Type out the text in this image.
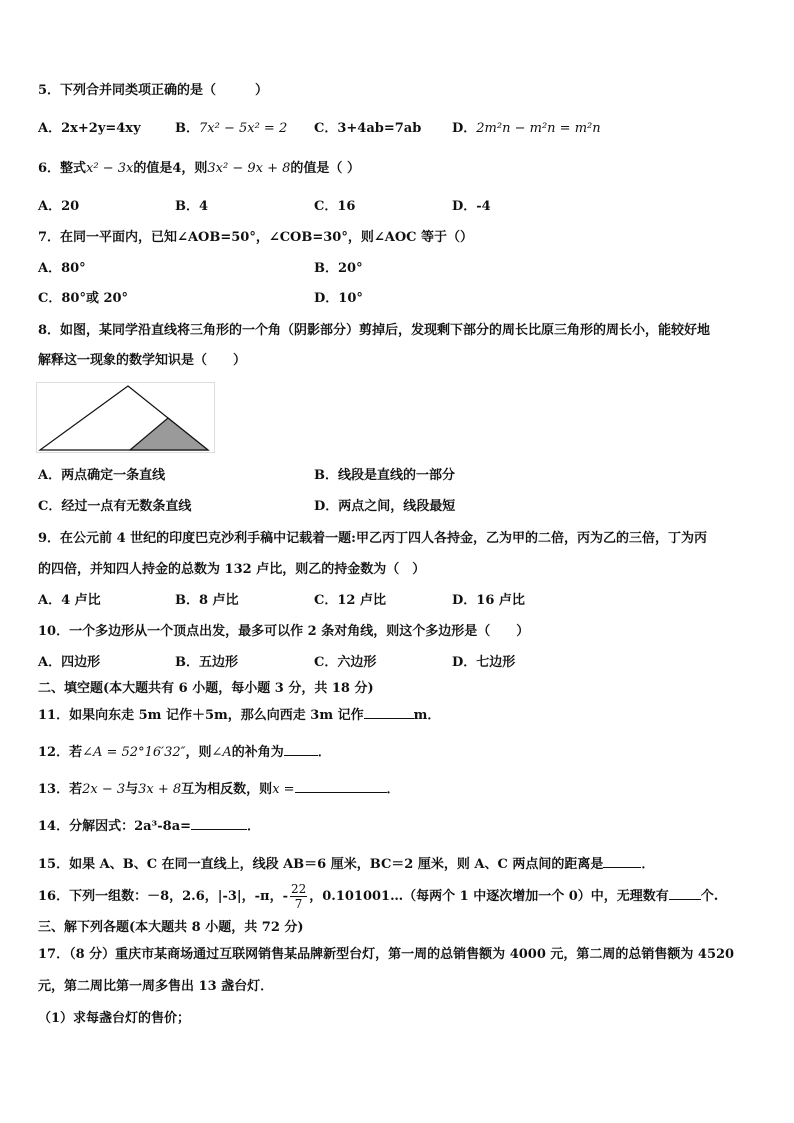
5．下列合并同类项正确的是（　　　）
A．2x+2y=4xy	B．7x² − 5x² = 2 C．3+4ab=7ab D．2m²n − m²n = m²n
6．整式x² − 3x的值是4，则3x² − 9x + 8的值是（ ）
A．20	B．4	C．16	D．-4
7．在同一平面内，已知∠AOB=50°，∠COB=30°，则∠AOC 等于（）
A．80°	B．20°
C．80°或 20°	D．10°
8．如图，某同学沿直线将三角形的一个角（阴影部分）剪掉后，发现剩下部分的周长比原三角形的周长小，能较好地
解释这一现象的数学知识是（　　）
A．两点确定一条直线	B．线段是直线的一部分
C．经过一点有无数条直线	D．两点之间，线段最短
9．在公元前 4 世纪的印度巴克沙利手稿中记载着一题:甲乙丙丁四人各持金，乙为甲的二倍，丙为乙的三倍，丁为丙
的四倍，并知四人持金的总数为 132 卢比，则乙的持金数为（　）
A．4 卢比	B．8 卢比	C．12 卢比	D．16 卢比
10．一个多边形从一个顶点出发，最多可以作 2 条对角线，则这个多边形是（　　）
A．四边形	B．五边形	C．六边形	D．七边形
二、填空题(本大题共有 6 小题，每小题 3 分，共 18 分)
11．如果向东走 5m 记作＋5m，那么向西走 3m 记作	m．
12．若∠A = 52°16′32″，则∠A的补角为	．
13．若2x − 3与3x + 8互为相反数，则x =	．
14．分解因式：2a³-8a=	．
15．如果 A、B、C 在同一直线上，线段 AB＝6 厘米，BC＝2 厘米，则 A、C 两点间的距离是	．
16．下列一组数：－8，2.6，|-3|，-π，- $\frac{22}{7}$ ，0.101001…（每两个 1 中逐次增加一个 0）中，无理数有 个.
三、解下列各题(本大题共 8 小题，共 72 分)
17．（8 分）重庆市某商场通过互联网销售某品牌新型台灯，第一周的总销售额为 4000 元，第二周的总销售额为 4520
元，第二周比第一周多售出 13 盏台灯．
（1）求每盏台灯的售价；
